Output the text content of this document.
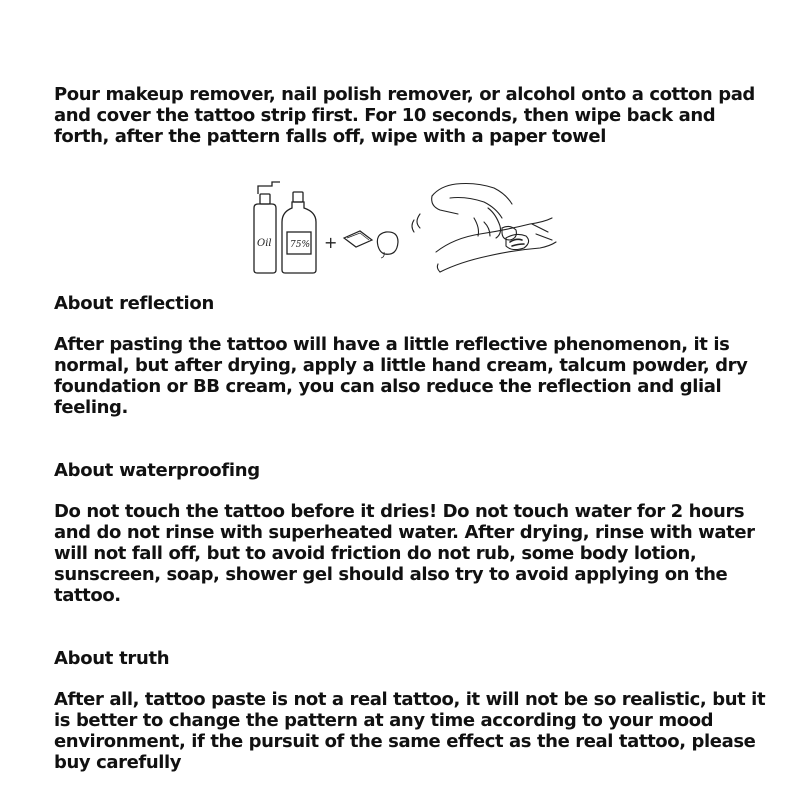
Pour makeup remover, nail polish remover, or alcohol onto a cotton pad and cover the tattoo strip first. For 10 seconds, then wipe back and forth, after the pattern falls off, wipe with a paper towel

Oil 75% +
About reflection

After pasting the tattoo will have a little reflective phenomenon, it is normal, but after drying, apply a little hand cream, talcum powder, dry foundation or BB cream, you can also reduce the reflection and glial feeling.

About waterproofing

Do not touch the tattoo before it dries! Do not touch water for 2 hours and do not rinse with superheated water. After drying, rinse with water will not fall off, but to avoid friction do not rub, some body lotion, sunscreen, soap, shower gel should also try to avoid applying on the tattoo.

About truth

After all, tattoo paste is not a real tattoo, it will not be so realistic, but it is better to change the pattern at any time according to your mood environment, if the pursuit of the same effect as the real tattoo, please buy carefully
